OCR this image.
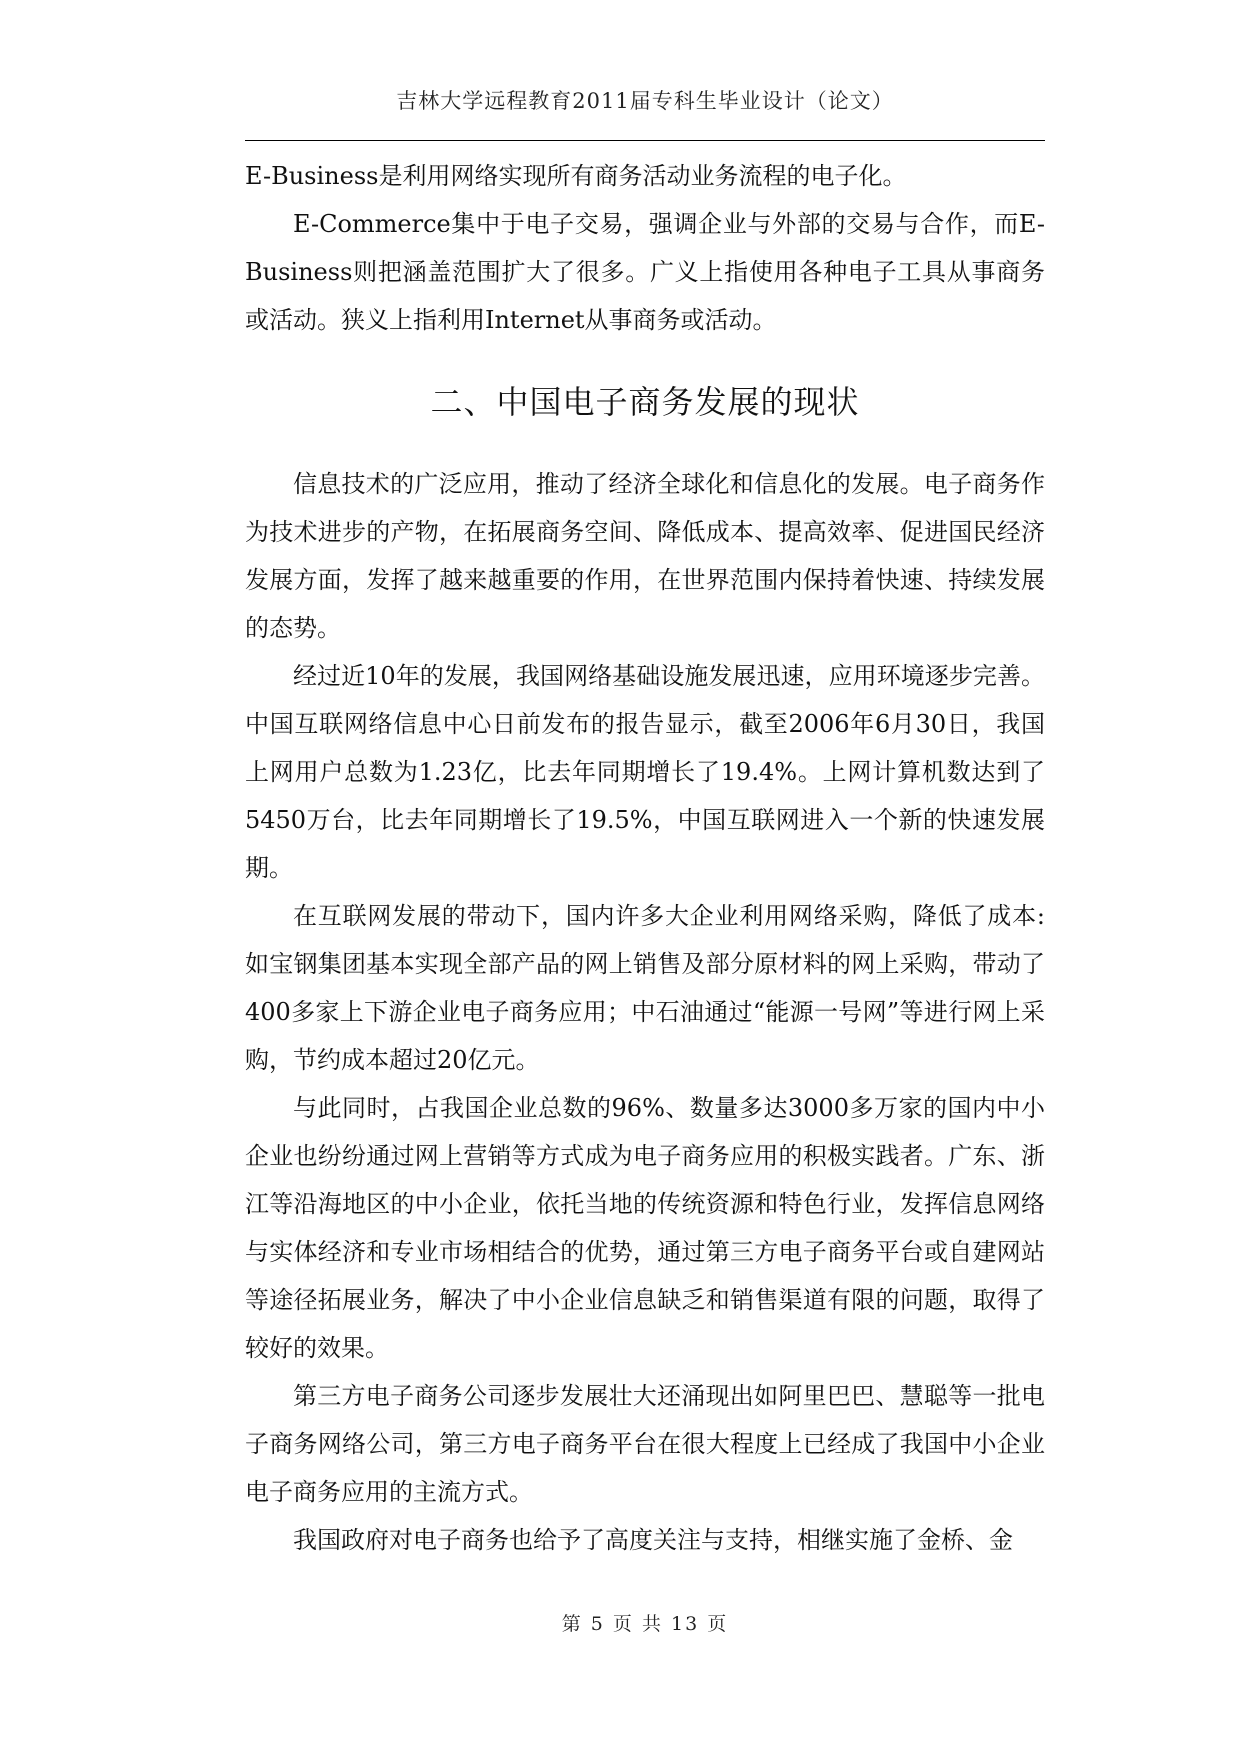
吉林大学远程教育2011届专科生毕业设计（论文）

E-Business是利用网络实现所有商务活动业务流程的电子化。

E-Commerce集中于电子交易，强调企业与外部的交易与合作，而E-Business则把涵盖范围扩大了很多。广义上指使用各种电子工具从事商务或活动。狭义上指利用Internet从事商务或活动。

二、中国电子商务发展的现状

信息技术的广泛应用，推动了经济全球化和信息化的发展。电子商务作为技术进步的产物，在拓展商务空间、降低成本、提高效率、促进国民经济发展方面，发挥了越来越重要的作用，在世界范围内保持着快速、持续发展的态势。

经过近10年的发展，我国网络基础设施发展迅速，应用环境逐步完善。中国互联网络信息中心日前发布的报告显示，截至2006年6月30日，我国上网用户总数为1.23亿，比去年同期增长了19.4%。上网计算机数达到了5450万台，比去年同期增长了19.5%，中国互联网进入一个新的快速发展期。

在互联网发展的带动下，国内许多大企业利用网络采购，降低了成本:如宝钢集团基本实现全部产品的网上销售及部分原材料的网上采购，带动了400多家上下游企业电子商务应用；中石油通过“能源一号网”等进行网上采购，节约成本超过20亿元。

与此同时，占我国企业总数的96%、数量多达3000多万家的国内中小企业也纷纷通过网上营销等方式成为电子商务应用的积极实践者。广东、浙江等沿海地区的中小企业，依托当地的传统资源和特色行业，发挥信息网络与实体经济和专业市场相结合的优势，通过第三方电子商务平台或自建网站等途径拓展业务，解决了中小企业信息缺乏和销售渠道有限的问题，取得了较好的效果。

第三方电子商务公司逐步发展壮大还涌现出如阿里巴巴、慧聪等一批电子商务网络公司，第三方电子商务平台在很大程度上已经成了我国中小企业电子商务应用的主流方式。

我国政府对电子商务也给予了高度关注与支持，相继实施了金桥、金

第 5 页 共 13 页
